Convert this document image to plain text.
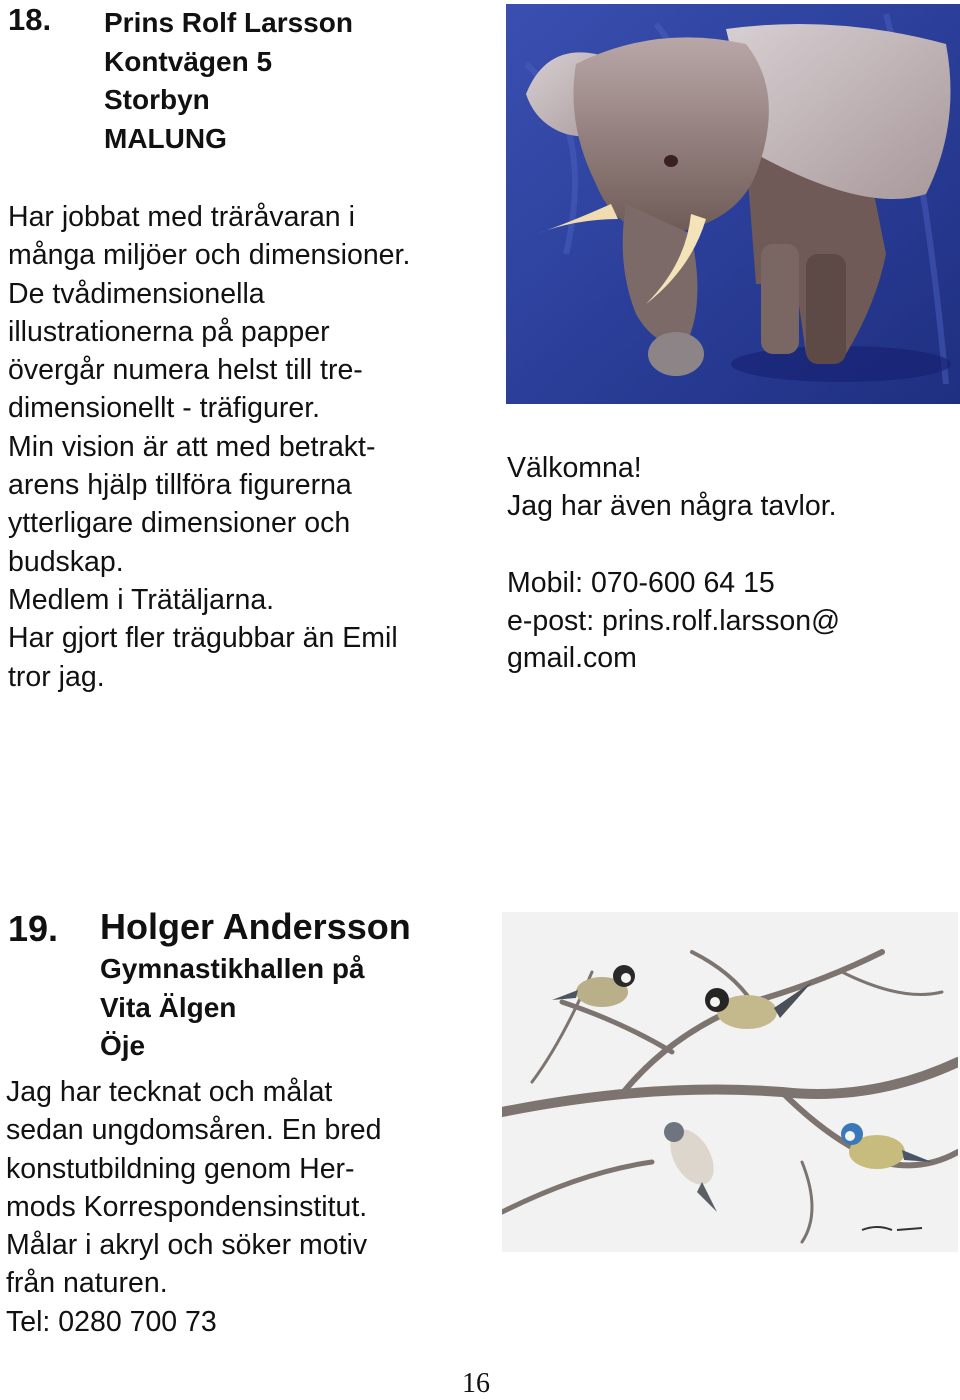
18. Prins Rolf Larsson
Kontvägen 5
Storbyn
MALUNG
Har jobbat med träråvaran i
många miljöer och dimensioner.
De tvådimensionella
illustrationerna på papper
övergår numera helst till tre-
dimensionellt - träfigurer.
Min vision är att med betrakt-
arens hjälp tillföra figurerna
ytterligare dimensioner och
budskap.
Medlem i Trätäljarna.
Har gjort fler trägubbar än Emil
tror jag.
Välkomna!
Jag har även några tavlor.
Mobil: 070-600 64 15
e-post: prins.rolf.larsson@
gmail.com
19. Holger Andersson
Gymnastikhallen på
Vita Älgen
Öje
Jag har tecknat och målat
sedan ungdomsåren. En bred
konstutbildning genom Her-
mods Korrespondensinstitut.
Målar i akryl och söker motiv
från naturen.
Tel: 0280 700 73
16
